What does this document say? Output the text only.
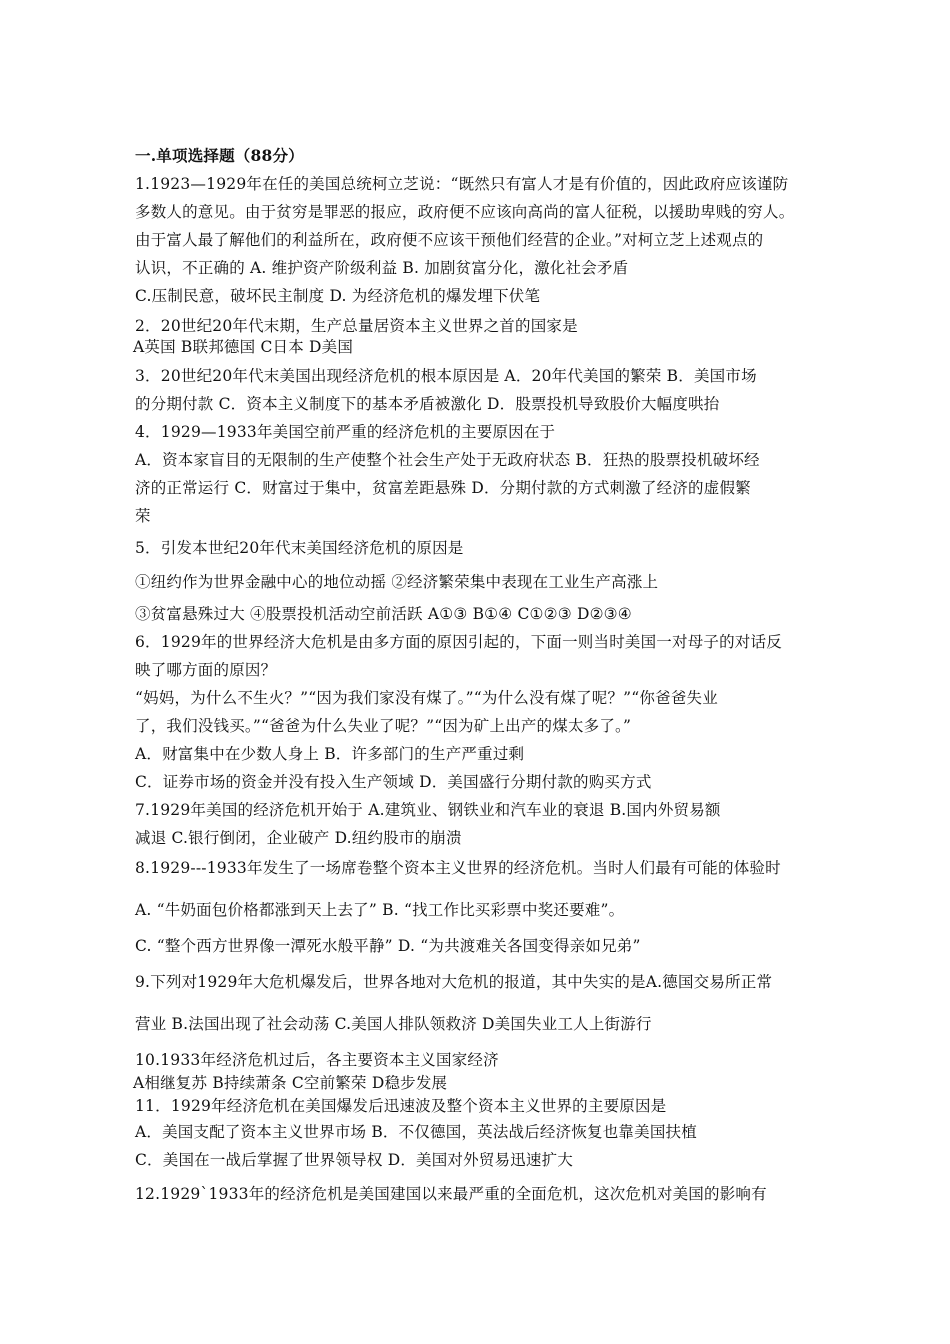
一.单项选择题（88分）
1.1923—1929年在任的美国总统柯立芝说：“既然只有富人才是有价值的，因此政府应该谨防
多数人的意见。由于贫穷是罪恶的报应，政府便不应该向高尚的富人征税，以援助卑贱的穷人。
由于富人最了解他们的利益所在，政府便不应该干预他们经营的企业。”对柯立芝上述观点的
认识，不正确的 A. 维护资产阶级利益 B. 加剧贫富分化，激化社会矛盾
C.压制民意，破坏民主制度 D. 为经济危机的爆发埋下伏笔
2．20世纪20年代末期，生产总量居资本主义世界之首的国家是
A英国 B联邦德国 C日本 D美国
3．20世纪20年代末美国出现经济危机的根本原因是 A．20年代美国的繁荣 B．美国市场
的分期付款 C．资本主义制度下的基本矛盾被激化 D．股票投机导致股价大幅度哄抬
4．1929—1933年美国空前严重的经济危机的主要原因在于
A．资本家盲目的无限制的生产使整个社会生产处于无政府状态 B．狂热的股票投机破坏经
济的正常运行 C．财富过于集中，贫富差距悬殊 D．分期付款的方式刺激了经济的虚假繁
荣
5．引发本世纪20年代末美国经济危机的原因是
①纽约作为世界金融中心的地位动摇 ②经济繁荣集中表现在工业生产高涨上
③贫富悬殊过大 ④股票投机活动空前活跃 A①③ B①④ C①②③ D②③④
6．1929年的世界经济大危机是由多方面的原因引起的，下面一则当时美国一对母子的对话反
映了哪方面的原因？
“妈妈，为什么不生火？”“因为我们家没有煤了。”“为什么没有煤了呢？”“你爸爸失业
了，我们没钱买。”“爸爸为什么失业了呢？”“因为矿上出产的煤太多了。”
A．财富集中在少数人身上 B．许多部门的生产严重过剩
C．证券市场的资金并没有投入生产领域 D．美国盛行分期付款的购买方式
7.1929年美国的经济危机开始于 A.建筑业、钢铁业和汽车业的衰退 B.国内外贸易额
减退 C.银行倒闭，企业破产 D.纽约股市的崩溃
8.1929---1933年发生了一场席卷整个资本主义世界的经济危机。当时人们最有可能的体验时
A. “牛奶面包价格都涨到天上去了” B. “找工作比买彩票中奖还要难”。
C. “整个西方世界像一潭死水般平静” D. “为共渡难关各国变得亲如兄弟”
9.下列对1929年大危机爆发后，世界各地对大危机的报道，其中失实的是A.德国交易所正常
营业 B.法国出现了社会动荡 C.美国人排队领救济 D美国失业工人上街游行
10.1933年经济危机过后，各主要资本主义国家经济
A相继复苏 B持续萧条 C空前繁荣 D稳步发展
11．1929年经济危机在美国爆发后迅速波及整个资本主义世界的主要原因是
A．美国支配了资本主义世界市场 B．不仅德国，英法战后经济恢复也靠美国扶植
C．美国在一战后掌握了世界领导权 D．美国对外贸易迅速扩大
12.1929`1933年的经济危机是美国建国以来最严重的全面危机，这次危机对美国的影响有
